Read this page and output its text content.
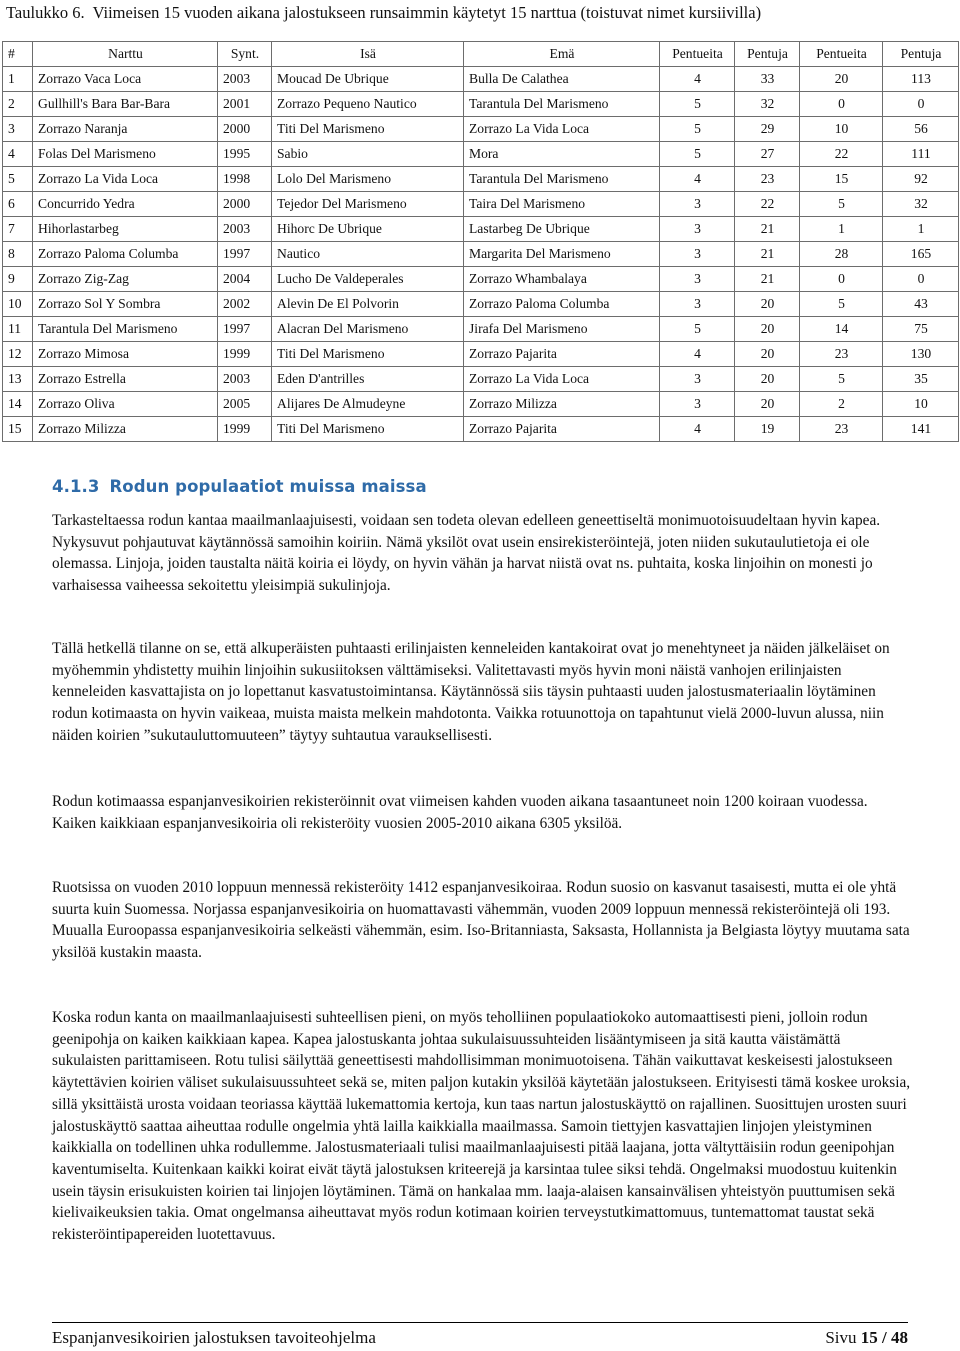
Taulukko 6. Viimeisen 15 vuoden aikana jalostukseen runsaimmin käytetyt 15 narttua (toistuvat nimet kursiivilla)

#	Narttu	Synt.	Isä	Emä	Pentueita	Pentuja	Pentueita	Pentuja
1	Zorrazo Vaca Loca	2003	Moucad De Ubrique	Bulla De Calathea	4	33	20	113
2	Gullhill's Bara Bar-Bara	2001	Zorrazo Pequeno Nautico	Tarantula Del Marismeno	5	32	0	0
3	Zorrazo Naranja	2000	Titi Del Marismeno	Zorrazo La Vida Loca	5	29	10	56
4	Folas Del Marismeno	1995	Sabio	Mora	5	27	22	111
5	Zorrazo La Vida Loca	1998	Lolo Del Marismeno	Tarantula Del Marismeno	4	23	15	92
6	Concurrido Yedra	2000	Tejedor Del Marismeno	Taira Del Marismeno	3	22	5	32
7	Hihorlastarbeg	2003	Hihorc De Ubrique	Lastarbeg De Ubrique	3	21	1	1
8	Zorrazo Paloma Columba	1997	Nautico	Margarita Del Marismeno	3	21	28	165
9	Zorrazo Zig-Zag	2004	Lucho De Valdeperales	Zorrazo Whambalaya	3	21	0	0
10	Zorrazo Sol Y Sombra	2002	Alevin De El Polvorin	Zorrazo Paloma Columba	3	20	5	43
11	Tarantula Del Marismeno	1997	Alacran Del Marismeno	Jirafa Del Marismeno	5	20	14	75
12	Zorrazo Mimosa	1999	Titi Del Marismeno	Zorrazo Pajarita	4	20	23	130
13	Zorrazo Estrella	2003	Eden D'antrilles	Zorrazo La Vida Loca	3	20	5	35
14	Zorrazo Oliva	2005	Alijares De Almudeyne	Zorrazo Milizza	3	20	2	10
15	Zorrazo Milizza	1999	Titi Del Marismeno	Zorrazo Pajarita	4	19	23	141
4.1.3 Rodun populaatiot muissa maissa

Tarkasteltaessa rodun kantaa maailmanlaajuisesti, voidaan sen todeta olevan edelleen geneettiseltä monimuotoisuudeltaan hyvin kapea. Nykysuvut pohjautuvat käytännössä samoihin koiriin. Nämä yksilöt ovat usein ensirekisteröintejä, joten niiden sukutaulutietoja ei ole olemassa. Linjoja, joiden taustalta näitä koiria ei löydy, on hyvin vähän ja harvat niistä ovat ns. puhtaita, koska linjoihin on monesti jo varhaisessa vaiheessa sekoitettu yleisimpiä sukulinjoja.

Tällä hetkellä tilanne on se, että alkuperäisten puhtaasti erilinjaisten kenneleiden kantakoirat ovat jo menehtyneet ja näiden jälkeläiset on myöhemmin yhdistetty muihin linjoihin sukusiitoksen välttämiseksi. Valitettavasti myös hyvin moni näistä vanhojen erilinjaisten kenneleiden kasvattajista on jo lopettanut kasvatustoimintansa. Käytännössä siis täysin puhtaasti uuden jalostusmateriaalin löytäminen rodun kotimaasta on hyvin vaikeaa, muista maista melkein mahdotonta. Vaikka rotuunottoja on tapahtunut vielä 2000-luvun alussa, niin näiden koirien ”sukutauluttomuuteen” täytyy suhtautua varauksellisesti.

Rodun kotimaassa espanjanvesikoirien rekisteröinnit ovat viimeisen kahden vuoden aikana tasaantuneet noin 1200 koiraan vuodessa. Kaiken kaikkiaan espanjanvesikoiria oli rekisteröity vuosien 2005-2010 aikana 6305 yksilöä.

Ruotsissa on vuoden 2010 loppuun mennessä rekisteröity 1412 espanjanvesikoiraa. Rodun suosio on kasvanut tasaisesti, mutta ei ole yhtä suurta kuin Suomessa. Norjassa espanjanvesikoiria on huomattavasti vähemmän, vuoden 2009 loppuun mennessä rekisteröintejä oli 193. Muualla Euroopassa espanjanvesikoiria selkeästi vähemmän, esim. Iso-Britanniasta, Saksasta, Hollannista ja Belgiasta löytyy muutama sata yksilöä kustakin maasta.

Koska rodun kanta on maailmanlaajuisesti suhteellisen pieni, on myös teholliinen populaatiokoko automaattisesti pieni, jolloin rodun geenipohja on kaiken kaikkiaan kapea. Kapea jalostuskanta johtaa sukulaisuussuhteiden lisääntymiseen ja sitä kautta väistämättä sukulaisten parittamiseen. Rotu tulisi säilyttää geneettisesti mahdollisimman monimuotoisena. Tähän vaikuttavat keskeisesti jalostukseen käytettävien koirien väliset sukulaisuussuhteet sekä se, miten paljon kutakin yksilöä käytetään jalostukseen. Erityisesti tämä koskee uroksia, sillä yksittäistä urosta voidaan teoriassa käyttää lukemattomia kertoja, kun taas nartun jalostuskäyttö on rajallinen. Suosittujen urosten suuri jalostuskäyttö saattaa aiheuttaa rodulle ongelmia yhtä lailla kaikkialla maailmassa. Samoin tiettyjen kasvattajien linjojen yleistyminen kaikkialla on todellinen uhka rodullemme. Jalostusmateriaali tulisi maailmanlaajuisesti pitää laajana, jotta vältyttäisiin rodun geenipohjan kaventumiselta. Kuitenkaan kaikki koirat eivät täytä jalostuksen kriteerejä ja karsintaa tulee siksi tehdä. Ongelmaksi muodostuu kuitenkin usein täysin erisukuisten koirien tai linjojen löytäminen. Tämä on hankalaa mm. laaja-alaisen kansainvälisen yhteistyön puuttumisen sekä kielivaikeuksien takia. Omat ongelmansa aiheuttavat myös rodun kotimaan koirien terveystutkimattomuus, tuntemattomat taustat sekä rekisteröintipapereiden luotettavuus.

Espanjanvesikoirien jalostuksen tavoiteohjelma	Sivu 15 / 48
